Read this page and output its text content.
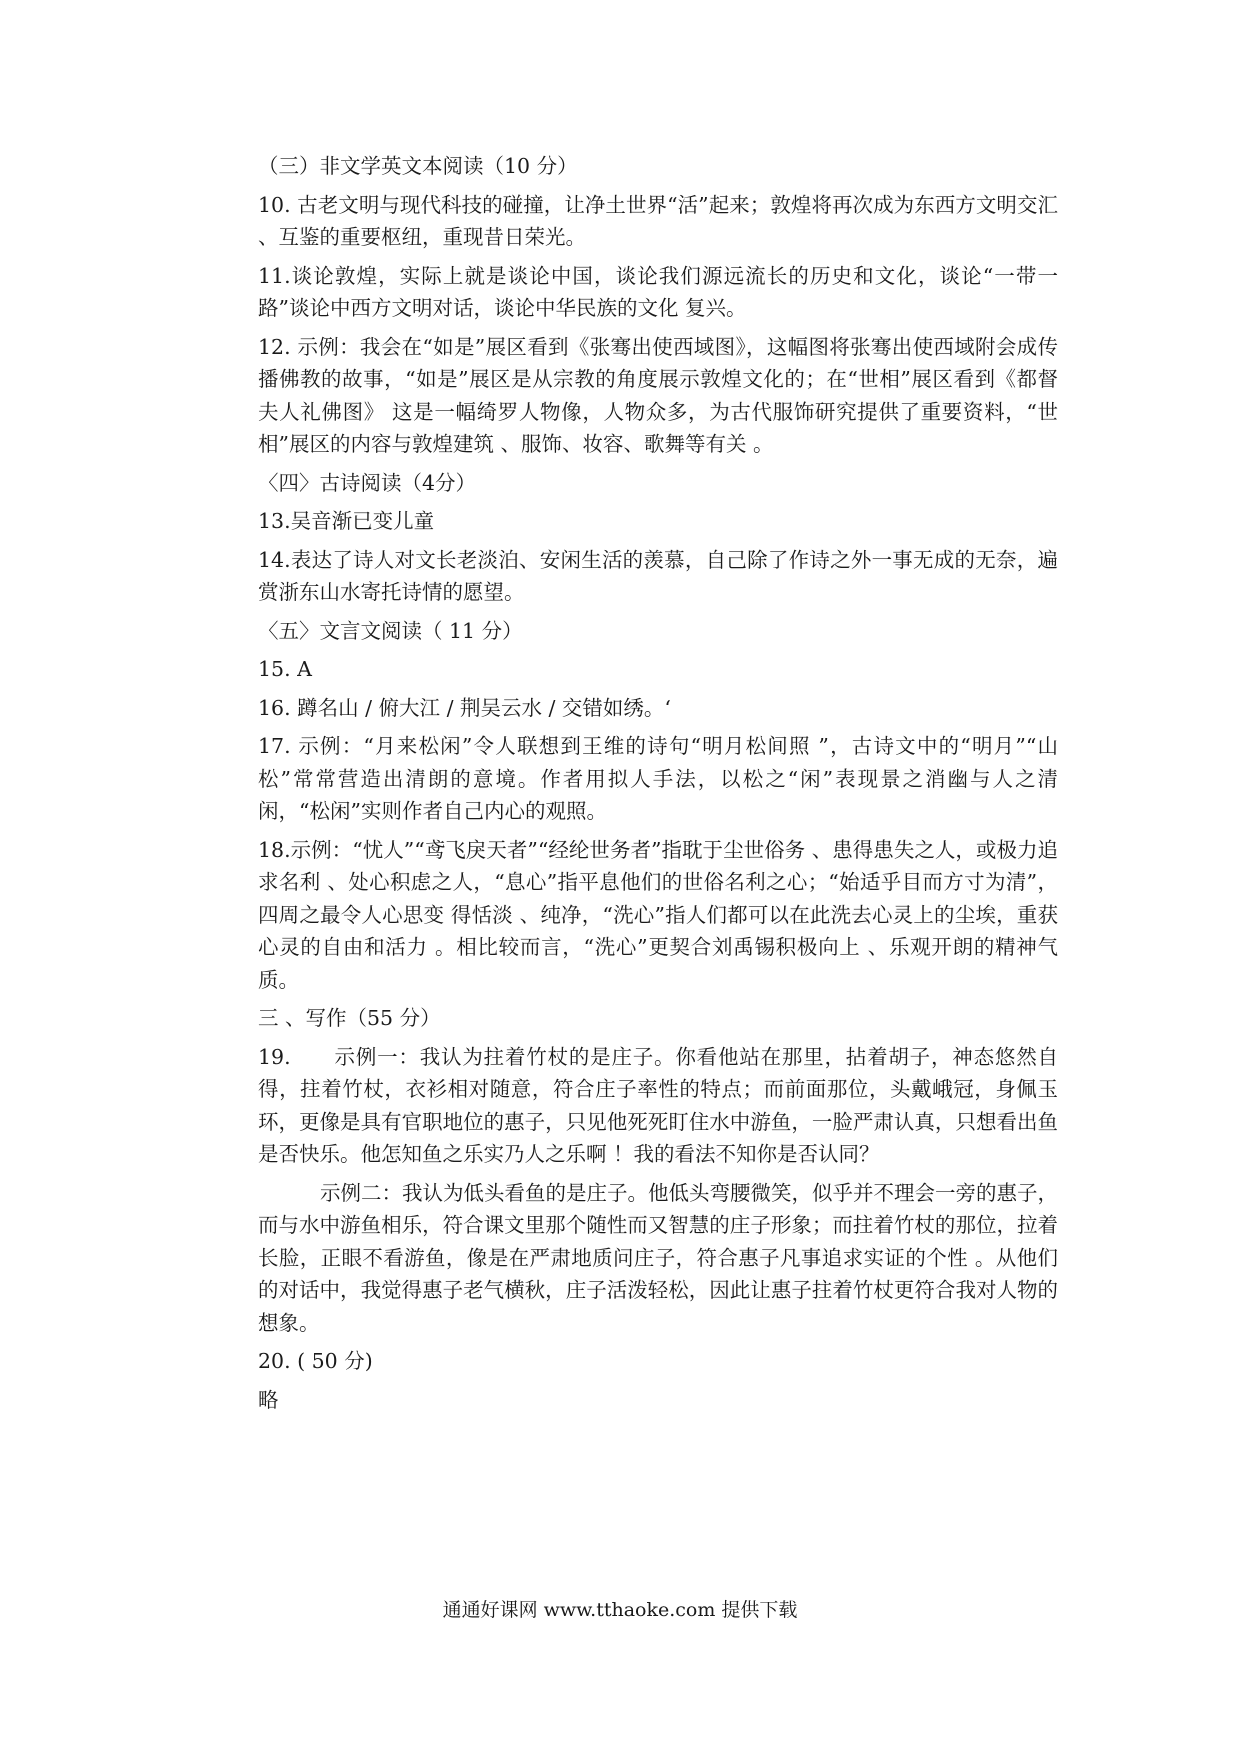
（三）非文学英文本阅读（10 分）

10. 古老文明与现代科技的碰撞，让净土世界“活”起来；敦煌将再次成为东西方文明交汇 、互鉴的重要枢纽，重现昔日荣光。

11.谈论敦煌，实际上就是谈论中国，谈论我们源远流长的历史和文化，谈论“一带一路”谈论中西方文明对话，谈论中华民族的文化 复兴。

12. 示例：我会在“如是”展区看到《张骞出使西域图》，这幅图将张骞出使西域附会成传播佛教的故事，“如是”展区是从宗教的角度展示敦煌文化的；在“世相”展区看到《都督夫人礼佛图》 这是一幅绮罗人物像，人物众多，为古代服饰研究提供了重要资料，“世相”展区的内容与敦煌建筑 、服饰、妆容、歌舞等有关 。

〈四〉古诗阅读（4分）

13.吴音渐已变儿童

14.表达了诗人对文长老淡泊、安闲生活的羡慕，自己除了作诗之外一事无成的无奈，遍赏浙东山水寄托诗情的愿望。

〈五〉文言文阅读（ 11 分）

15. A

16. 蹲名山 / 俯大江 / 荆吴云水 / 交错如绣。‘

17. 示例：“月来松闲”令人联想到王维的诗句“明月松间照 ”，古诗文中的“明月”“山松”常常营造出清朗的意境。作者用拟人手法，以松之“闲”表现景之消幽与人之清闲，“松闲”实则作者自己内心的观照。

18.示例：“忧人”“鸢飞戾天者”“经纶世务者”指耽于尘世俗务 、患得患失之人，或极力追求名利 、处心积虑之人，“息心”指平息他们的世俗名利之心；“始适乎目而方寸为清”，四周之最令人心思变 得恬淡 、纯净，“洗心”指人们都可以在此洗去心灵上的尘埃，重获心灵的自由和活力 。相比较而言，“洗心”更契合刘禹锡积极向上 、乐观开朗的精神气质。

三 、写作（55 分）

19.      示例一：我认为拄着竹杖的是庄子。你看他站在那里，拈着胡子，神态悠然自得，拄着竹杖，衣衫相对随意，符合庄子率性的特点；而前面那位，头戴峨冠，身佩玉环，更像是具有官职地位的惠子，只见他死死盯住水中游鱼，一脸严肃认真，只想看出鱼是否快乐。他怎知鱼之乐实乃人之乐啊 ！我的看法不知你是否认同？

示例二：我认为低头看鱼的是庄子。他低头弯腰微笑，似乎并不理会一旁的惠子，而与水中游鱼相乐，符合课文里那个随性而又智慧的庄子形象；而拄着竹杖的那位，拉着长脸，正眼不看游鱼，像是在严肃地质问庄子，符合惠子凡事追求实证的个性 。从他们的对话中，我觉得惠子老气横秋，庄子活泼轻松，因此让惠子拄着竹杖更符合我对人物的想象。

20. ( 50 分)

略

通通好课网 www.tthaoke.com 提供下载
